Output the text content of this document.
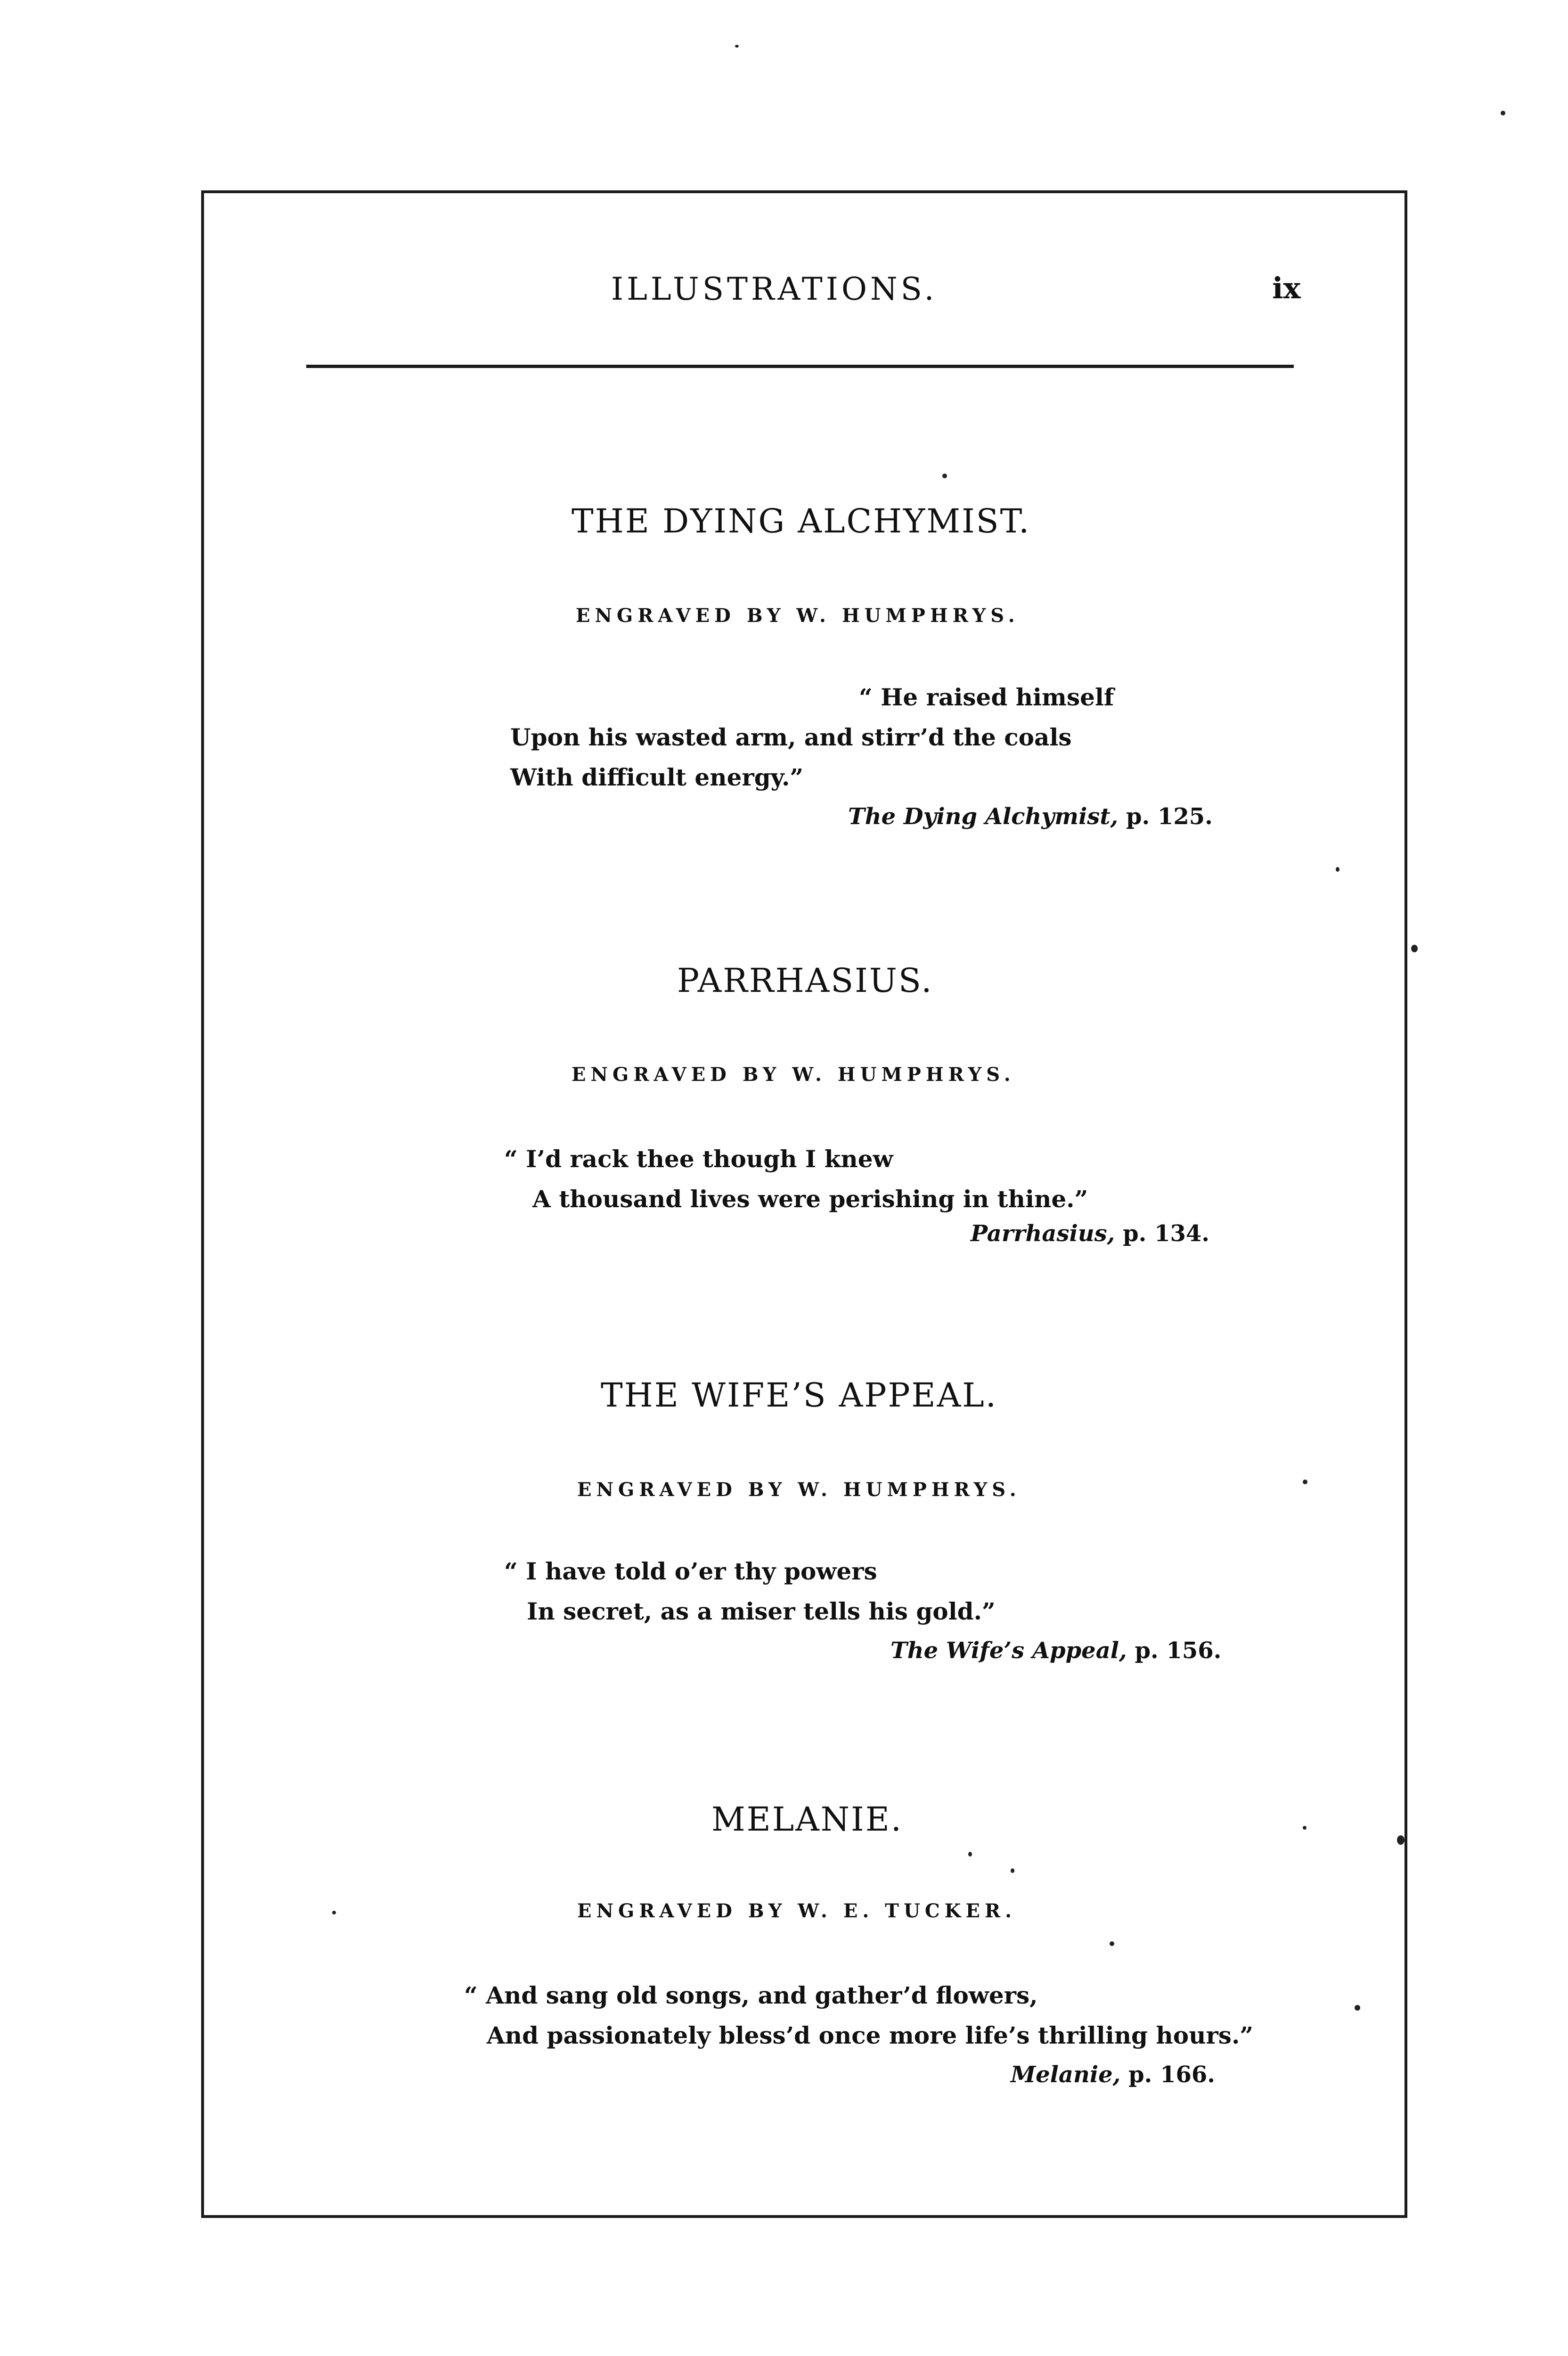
ILLUSTRATIONS.	ix
THE DYING ALCHYMIST.
ENGRAVED BY W. HUMPHRYS.
“ He raised himself
Upon his wasted arm, and stirr’d the coals
With difficult energy.”
The Dying Alchymist, p. 125.
PARRHASIUS.
ENGRAVED BY W. HUMPHRYS.
“ I’d rack thee though I knew
A thousand lives were perishing in thine.”
Parrhasius, p. 134.
THE WIFE’S APPEAL.
ENGRAVED BY W. HUMPHRYS.
“ I have told o’er thy powers
In secret, as a miser tells his gold.”
The Wife’s Appeal, p. 156.
MELANIE.
ENGRAVED BY W. E. TUCKER.
“ And sang old songs, and gather’d flowers,
And passionately bless’d once more life’s thrilling hours.”
Melanie, p. 166.
